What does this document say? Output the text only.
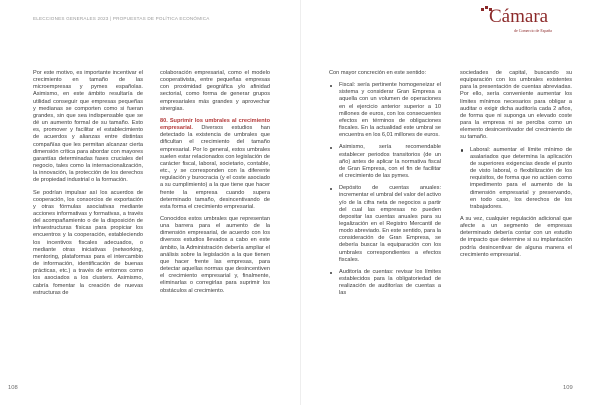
ELECCIONES GENERALES 2023 | PROPUESTAS DE POLÍTICA ECONÓMICA

Por este motivo, es importante incentivar el crecimiento en tamaño de las microempresas y pymes españolas. Asimismo, en este ámbito resultaría de utilidad conseguir que empresas pequeñas y medianas se comporten como si fueran grandes, sin que sea indispensable que se dé un aumento formal de su tamaño. Esto es, promover y facilitar el establecimiento de acuerdos y alianzas entre distintas compañías que les permitan alcanzar cierta dimensión crítica para abordar con mayores garantías determinadas fases cruciales del negocio, tales como la internacionalización, la innovación, la protección de los derechos de propiedad industrial o la formación.

Se podrían impulsar así los acuerdos de cooperación, los consorcios de exportación y otras fórmulas asociativas mediante acciones informativas y formativas, a través del acompañamiento o de la disposición de infraestructuras físicas para propiciar los encuentros y la cooperación, estableciendo los incentivos fiscales adecuados, o mediante otras iniciativas (networking, mentoring, plataformas para el intercambio de información, identificación de buenas prácticas, etc.) a través de entornos como los asociados a los clusters. Asimismo, cabría fomentar la creación de nuevas estructuras de

colaboración empresarial, como el modelo cooperativista, entre pequeñas empresas con proximidad geográfica y/o afinidad sectorial, como forma de generar grupos empresariales más grandes y aprovechar sinergias.

80. Suprimir los umbrales al crecimiento empresarial. Diversos estudios han detectado la existencia de umbrales que dificultan el crecimiento del tamaño empresarial. Por lo general, estos umbrales suelen estar relacionados con legislación de carácter fiscal, laboral, societario, contable, etc., y se corresponden con la diferente regulación y burocracia (y el coste asociado a su cumplimiento) a la que tiene que hacer frente la empresa cuando supera determinado tamaño, desincentivando de esta forma el crecimiento empresarial.

Conocidos estos umbrales que representan una barrera para el aumento de la dimensión empresarial, de acuerdo con los diversos estudios llevados a cabo en este ámbito, la Administración debería ampliar el análisis sobre la legislación a la que tienen que hacer frente las empresas, para detectar aquellas normas que desincentiven el crecimiento empresarial y, finalmente, eliminarlas o corregirlas para suprimir los obstáculos al crecimiento.

108
Cámara
de Comercio de España

Con mayor concreción en este sentido:

Fiscal: sería pertinente homogeneizar el sistema y considerar Gran Empresa a aquella con un volumen de operaciones en el ejercicio anterior superior a 10 millones de euros, con los consecuentes efectos en términos de obligaciones fiscales. En la actualidad este umbral se encuentra en los 6,01 millones de euros.
Asimismo, sería recomendable establecer periodos transitorios (de un año) antes de aplicar la normativa fiscal de Gran Empresa, con el fin de facilitar el crecimiento de las pymes.
Depósito de cuentas anuales: incrementar el umbral del valor del activo y/o de la cifra neta de negocios a partir del cual las empresas no pueden depositar las cuentas anuales para su legalización en el Registro Mercantil de modo abreviado. En este sentido, para la consideración de Gran Empresa, se debería buscar la equiparación con los umbrales correspondientes a efectos fiscales.
Auditoría de cuentas: revisar los límites establecidos para la obligatoriedad de realización de auditorías de cuentas a las

sociedades de capital, buscando su equiparación con los umbrales existentes para la presentación de cuentas abreviadas. Por ello, sería conveniente aumentar los límites mínimos necesarios para obligar a auditar o exigir dicha auditoría cada 2 años, de forma que ni suponga un elevado coste para la empresa ni se perciba como un elemento desincentivador del crecimiento de su tamaño.

Laboral: aumentar el límite mínimo de asalariados que determina la aplicación de superiores exigencias desde el punto de visto laboral, o flexibilización de los requisitos, de forma que no actúen como impedimento para el aumento de la dimensión empresarial y preservando, en todo caso, los derechos de los trabajadores.

A su vez, cualquier regulación adicional que afecte a un segmento de empresas determinado debería contar con un estudio de impacto que determine si su implantación podría desincentivar de alguna manera el crecimiento empresarial.

109
